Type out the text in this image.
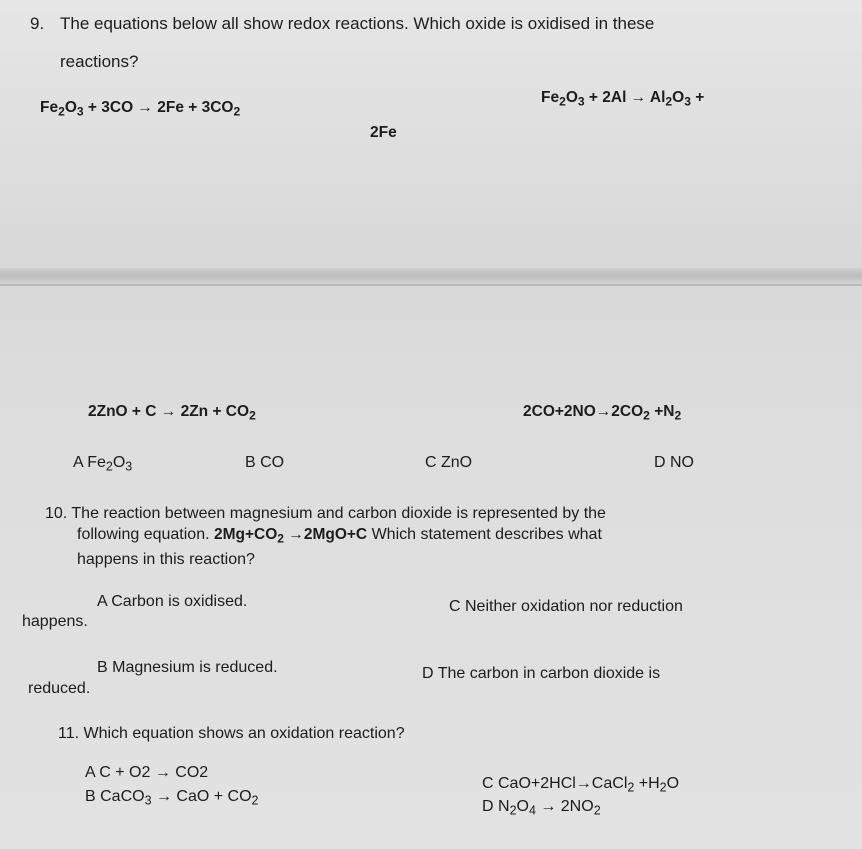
9. The equations below all show redox reactions. Which oxide is oxidised in these
reactions?
$Fe_2O_3 + 3CO \to 2Fe + 3CO_2$
$Fe_2O_3 + 2Al \to Al_2O_3$ +
2Fe
$2ZnO + C \to 2Zn + CO_2$	$2CO+2NO\to 2CO_2 +N_2$
A $Fe_2O_3$	B CO	C ZnO	D NO
10. The reaction between magnesium and carbon dioxide is represented by the
following equation. $2Mg+CO_2 \to 2MgO+C$ Which statement describes what
happens in this reaction?
A Carbon is oxidised.	C Neither oxidation nor reduction
happens.
B Magnesium is reduced.	D The carbon in carbon dioxide is
reduced.
11. Which equation shows an oxidation reaction?
A C + O2 → CO2
B CaCO$_3$ → CaO + $CO_2$
C CaO+2HCl→CaCl$_2$ $+H_2O$
D $N_2O_4 \to 2NO_2$
